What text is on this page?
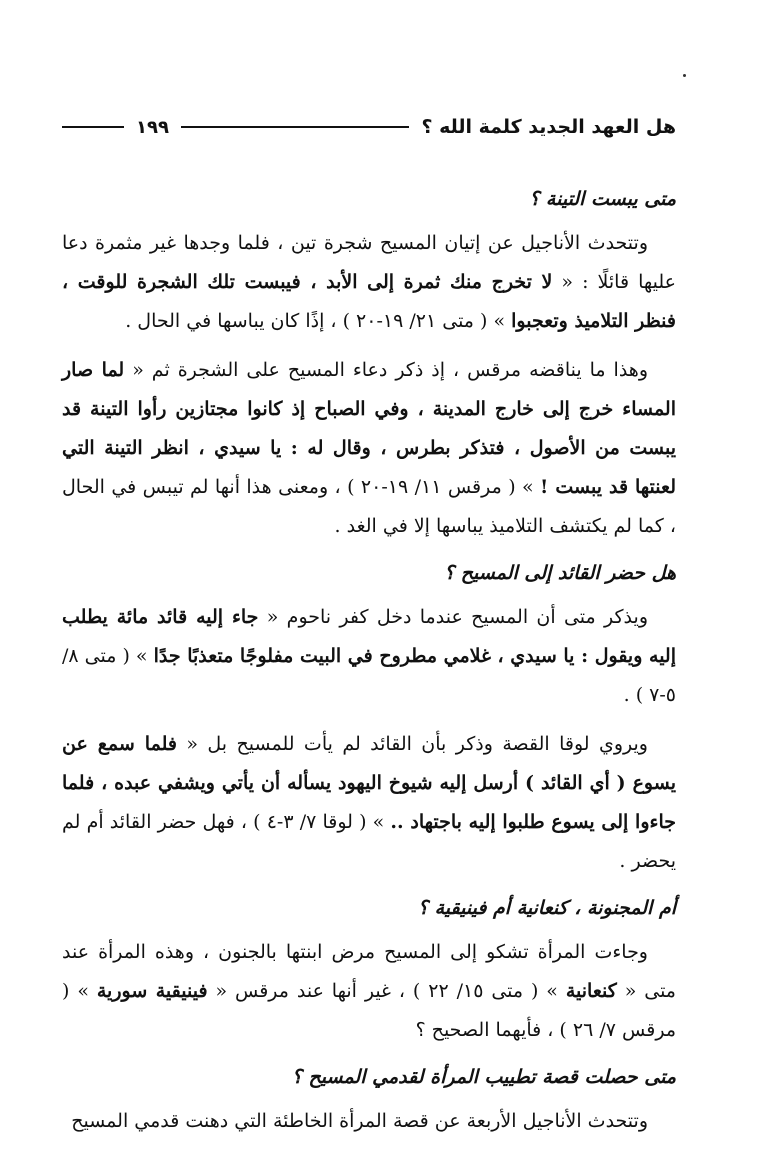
هل العهد الجديد كلمة الله ؟
١٩٩
متى يبست التينة ؟

وتتحدث الأناجيل عن إتيان المسيح شجرة تين ، فلما وجدها غير مثمرة دعا عليها قائلًا : « لا تخرج منك ثمرة إلى الأبد ، فيبست تلك الشجرة للوقت ، فنظر التلاميذ وتعجبوا » ( متى ٢١/ ١٩-٢٠ ) ، إذًا كان يباسها في الحال .

وهذا ما يناقضه مرقس ، إذ ذكر دعاء المسيح على الشجرة ثم « لما صار المساء خرج إلى خارج المدينة ، وفي الصباح إذ كانوا مجتازين رأوا التينة قد يبست من الأصول ، فتذكر بطرس ، وقال له : يا سيدي ، انظر التينة التي لعنتها قد يبست ! » ( مرقس ١١/ ١٩-٢٠ ) ، ومعنى هذا أنها لم تيبس في الحال ، كما لم يكتشف التلاميذ يباسها إلا في الغد .

هل حضر القائد إلى المسيح ؟

ويذكر متى أن المسيح عندما دخل كفر ناحوم « جاء إليه قائد مائة يطلب إليه ويقول : يا سيدي ، غلامي مطروح في البيت مفلوجًا متعذبًا جدًا » ( متى ٨/ ٥-٧ ) .

ويروي لوقا القصة وذكر بأن القائد لم يأت للمسيح بل « فلما سمع عن يسوع ( أي القائد ) أرسل إليه شيوخ اليهود يسأله أن يأتي ويشفي عبده ، فلما جاءوا إلى يسوع طلبوا إليه باجتهاد .. » ( لوقا ٧/ ٣-٤ ) ، فهل حضر القائد أم لم يحضر .

أم المجنونة ، كنعانية أم فينيقية ؟

وجاءت المرأة تشكو إلى المسيح مرض ابنتها بالجنون ، وهذه المرأة عند متى « كنعانية » ( متى ١٥/ ٢٢ ) ، غير أنها عند مرقس « فينيقية سورية » ( مرقس ٧/ ٢٦ ) ، فأيهما الصحيح ؟

متى حصلت قصة تطييب المرأة لقدمي المسيح ؟

وتتحدث الأناجيل الأربعة عن قصة المرأة الخاطئة التي دهنت قدمي المسيح
